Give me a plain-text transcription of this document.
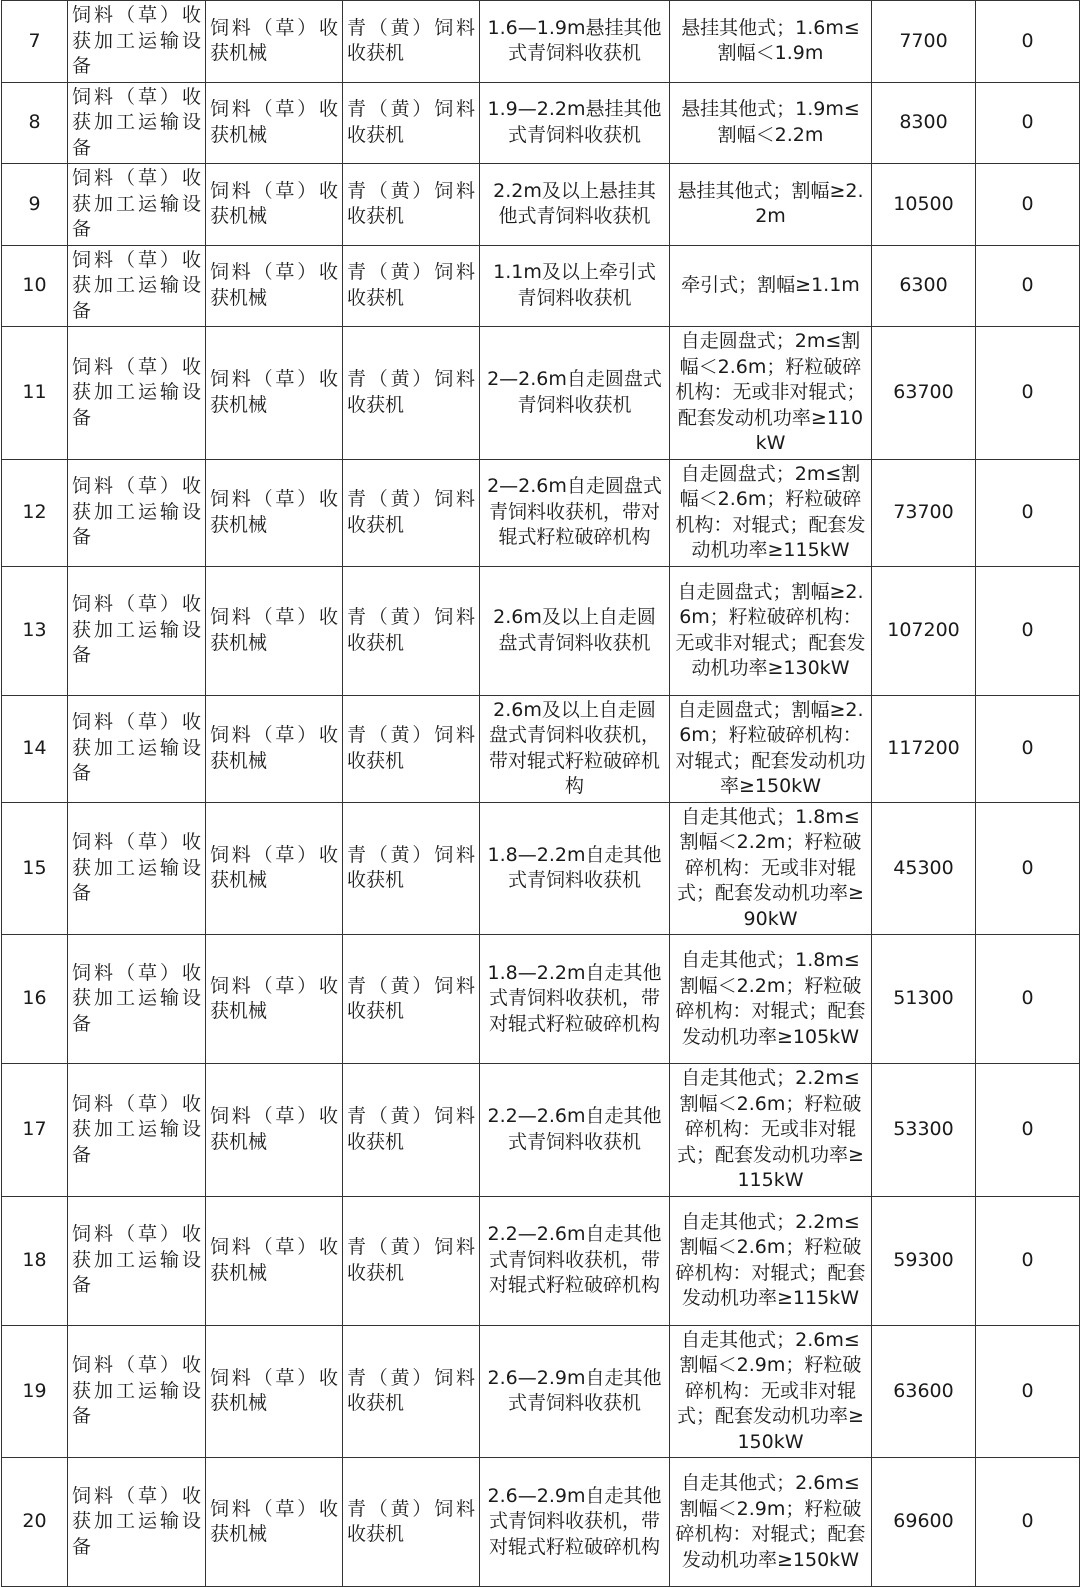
7	饲料（草）收获加工运输设备	饲料（草）收获机械	青（黄）饲料收获机	1.6—1.9m悬挂其他式青饲料收获机	悬挂其他式；1.6m≤割幅＜1.9m	7700	0
8	饲料（草）收获加工运输设备	饲料（草）收获机械	青（黄）饲料收获机	1.9—2.2m悬挂其他式青饲料收获机	悬挂其他式；1.9m≤割幅＜2.2m	8300	0
9	饲料（草）收获加工运输设备	饲料（草）收获机械	青（黄）饲料收获机	2.2m及以上悬挂其他式青饲料收获机	悬挂其他式；割幅≥2.2m	10500	0
10	饲料（草）收获加工运输设备	饲料（草）收获机械	青（黄）饲料收获机	1.1m及以上牵引式青饲料收获机	牵引式；割幅≥1.1m	6300	0
11	饲料（草）收获加工运输设备	饲料（草）收获机械	青（黄）饲料收获机	2—2.6m自走圆盘式青饲料收获机	自走圆盘式；2m≤割幅＜2.6m；籽粒破碎机构：无或非对辊式；配套发动机功率≥110kW	63700	0
12	饲料（草）收获加工运输设备	饲料（草）收获机械	青（黄）饲料收获机	2—2.6m自走圆盘式青饲料收获机，带对辊式籽粒破碎机构	自走圆盘式；2m≤割幅＜2.6m；籽粒破碎机构：对辊式；配套发动机功率≥115kW	73700	0
13	饲料（草）收获加工运输设备	饲料（草）收获机械	青（黄）饲料收获机	2.6m及以上自走圆盘式青饲料收获机	自走圆盘式；割幅≥2.6m；籽粒破碎机构：无或非对辊式；配套发动机功率≥130kW	107200	0
14	饲料（草）收获加工运输设备	饲料（草）收获机械	青（黄）饲料收获机	2.6m及以上自走圆盘式青饲料收获机，带对辊式籽粒破碎机构	自走圆盘式；割幅≥2.6m；籽粒破碎机构：对辊式；配套发动机功率≥150kW	117200	0
15	饲料（草）收获加工运输设备	饲料（草）收获机械	青（黄）饲料收获机	1.8—2.2m自走其他式青饲料收获机	自走其他式；1.8m≤割幅＜2.2m；籽粒破碎机构：无或非对辊式；配套发动机功率≥90kW	45300	0
16	饲料（草）收获加工运输设备	饲料（草）收获机械	青（黄）饲料收获机	1.8—2.2m自走其他式青饲料收获机，带对辊式籽粒破碎机构	自走其他式；1.8m≤割幅＜2.2m；籽粒破碎机构：对辊式；配套发动机功率≥105kW	51300	0
17	饲料（草）收获加工运输设备	饲料（草）收获机械	青（黄）饲料收获机	2.2—2.6m自走其他式青饲料收获机	自走其他式；2.2m≤割幅＜2.6m；籽粒破碎机构：无或非对辊式；配套发动机功率≥115kW	53300	0
18	饲料（草）收获加工运输设备	饲料（草）收获机械	青（黄）饲料收获机	2.2—2.6m自走其他式青饲料收获机，带对辊式籽粒破碎机构	自走其他式；2.2m≤割幅＜2.6m；籽粒破碎机构：对辊式；配套发动机功率≥115kW	59300	0
19	饲料（草）收获加工运输设备	饲料（草）收获机械	青（黄）饲料收获机	2.6—2.9m自走其他式青饲料收获机	自走其他式；2.6m≤割幅＜2.9m；籽粒破碎机构：无或非对辊式；配套发动机功率≥150kW	63600	0
20	饲料（草）收获加工运输设备	饲料（草）收获机械	青（黄）饲料收获机	2.6—2.9m自走其他式青饲料收获机，带对辊式籽粒破碎机构	自走其他式；2.6m≤割幅＜2.9m；籽粒破碎机构：对辊式；配套发动机功率≥150kW	69600	0
